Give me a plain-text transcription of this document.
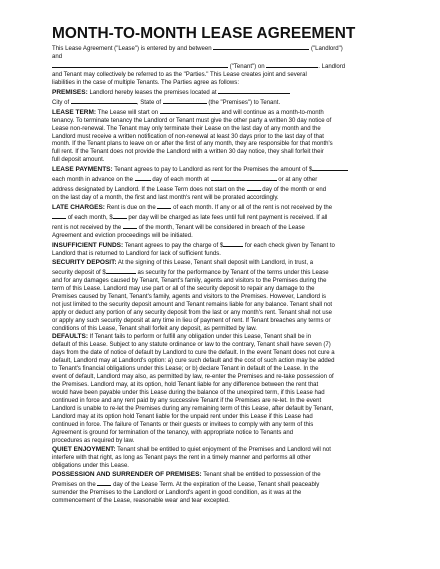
MONTH-TO-MONTH LEASE AGREEMENT

This Lease Agreement ("Lease") is entered by and between	("Landlord")
and
("Tenant") on	. Landlord
and Tenant may collectively be referred to as the "Parties." This Lease creates joint and several
liabilities in the case of multiple Tenants. The Parties agree as follows:

PREMISES: Landlord hereby leases the premises located at
City of	, State of	(the "Premises") to Tenant.

LEASE TERM: The Lease will start on	and will continue as a month-to-month
tenancy. To terminate tenancy the Landlord or Tenant must give the other party a written 30 day notice of
Lease non-renewal. The Tenant may only terminate their Lease on the last day of any month and the
Landlord must receive a written notification of non-renewal at least 30 days prior to the last day of that
month. If the Tenant plans to leave on or after the first of any month, they are responsible for that month's
full rent. If the Tenant does not provide the Landlord with a written 30 day notice, they shall forfeit their
full deposit amount.

LEASE PAYMENTS: Tenant agrees to pay to Landlord as rent for the Premises the amount of $
each month in advance on the	day of each month at	or at any other
address designated by Landlord. If the Lease Term does not start on the	day of the month or end
on the last day of a month, the first and last month's rent will be prorated accordingly.

LATE CHARGES: Rent is due on the	of each month. If any or all of the rent is not received by the
of each month, $	per day will be charged as late fees until full rent payment is received. If all
rent is not received by the	of the month, Tenant will be considered in breach of the Lease
Agreement and eviction proceedings will be initiated.

INSUFFICIENT FUNDS: Tenant agrees to pay the charge of $	for each check given by Tenant to
Landlord that is returned to Landlord for lack of sufficient funds.

SECURITY DEPOSIT: At the signing of this Lease, Tenant shall deposit with Landlord, in trust, a
security deposit of $	as security for the performance by Tenant of the terms under this Lease
and for any damages caused by Tenant, Tenant's family, agents and visitors to the Premises during the
term of this Lease. Landlord may use part or all of the security deposit to repair any damage to the
Premises caused by Tenant, Tenant's family, agents and visitors to the Premises. However, Landlord is
not just limited to the security deposit amount and Tenant remains liable for any balance. Tenant shall not
apply or deduct any portion of any security deposit from the last or any month's rent. Tenant shall not use
or apply any such security deposit at any time in lieu of payment of rent. If Tenant breaches any terms or
conditions of this Lease, Tenant shall forfeit any deposit, as permitted by law.

DEFAULTS: If Tenant fails to perform or fulfill any obligation under this Lease, Tenant shall be in
default of this Lease. Subject to any statute ordinance or law to the contrary, Tenant shall have seven (7)
days from the date of notice of default by Landlord to cure the default. In the event Tenant does not cure a
default, Landlord may at Landlord's option: a) cure such default and the cost of such action may be added
to Tenant's financial obligations under this Lease; or b) declare Tenant in default of the Lease. In the
event of default, Landlord may also, as permitted by law, re-enter the Premises and re-take possession of
the Premises. Landlord may, at its option, hold Tenant liable for any difference between the rent that
would have been payable under this Lease during the balance of the unexpired term, if this Lease had
continued in force and any rent paid by any successive Tenant if the Premises are re-let. In the event
Landlord is unable to re-let the Premises during any remaining term of this Lease, after default by Tenant,
Landlord may at its option hold Tenant liable for the unpaid rent under this Lease if this Lease had
continued in force. The failure of Tenants or their guests or invitees to comply with any term of this
Agreement is ground for termination of the tenancy, with appropriate notice to Tenants and
procedures as required by law.

QUIET ENJOYMENT: Tenant shall be entitled to quiet enjoyment of the Premises and Landlord will not
interfere with that right, as long as Tenant pays the rent in a timely manner and performs all other
obligations under this Lease.

POSSESSION AND SURRENDER OF PREMISES: Tenant shall be entitled to possession of the
Premises on the	day of the Lease Term. At the expiration of the Lease, Tenant shall peaceably
surrender the Premises to the Landlord or Landlord's agent in good condition, as it was at the
commencement of the Lease, reasonable wear and tear excepted.
